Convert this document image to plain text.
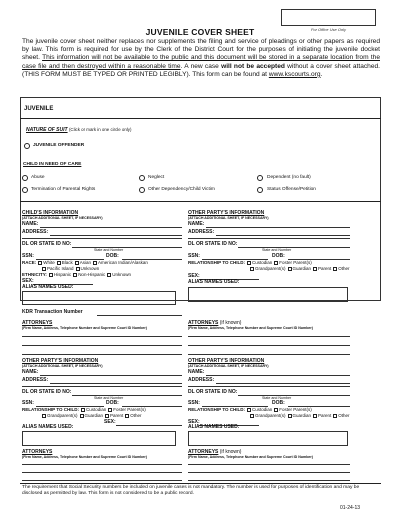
For Office Use Only
JUVENILE COVER SHEET
The juvenile cover sheet neither replaces nor supplements the filing and service of pleadings or other papers as required by law. This form is required for use by the Clerk of the District Court for the purposes of initiating the juvenile docket sheet. This information will not be available to the public and this document will be stored in a separate location from the case file and then destroyed within a reasonable time. A new case will not be accepted without a cover sheet attached. (THIS FORM MUST BE TYPED OR PRINTED LEGIBLY). This form can be found at www.kscourts.org.
JUVENILE
NATURE OF SUIT (Click or mark in one circle only)
JUVENILE OFFENDER
CHILD IN NEED OF CARE
Abuse	Neglect	Dependent (no fault)
Termination of Parental Rights	Other Dependency/Child Victim	Status Offense/Petition
CHILD'S INFORMATION
(ATTACH ADDITIONAL SHEET, IF NECESSARY)
NAME:
ADDRESS:
DL OR STATE ID NO:
State and Number
SSN:	DOB:
RACE: White Black Asian American Indian/Alaskan
Pacific Island Unknown
ETHNICITY: Hispanic Non-Hispanic Unknown
SEX:
ALIAS NAMES USED:
KDR Transaction Number
ATTORNEYS
(Firm Name, Address, Telephone Number and Supreme Court ID Number)
OTHER PARTY'S INFORMATION
(ATTACH ADDITIONAL SHEET, IF NECESSARY)
NAME:
ADDRESS:
DL OR STATE ID NO:
State and Number
SSN:	DOB:
RELATIONSHIP TO CHILD: Custodian Foster Parent(s)
Grandparent(s) Guardian Parent Other
SEX:
ALIAS NAMES USED:
ATTORNEYS (if known)
(Firm Name, Address, Telephone Number and Supreme Court ID Number)
OTHER PARTY'S INFORMATION
(ATTACH ADDITIONAL SHEET, IF NECESSARY)
NAME:
ADDRESS:
DL OR STATE ID NO:
State and Number
SSN:	DOB:
RELATIONSHIP TO CHILD: Custodian Foster Parent(s)
Grandparent(s) Guardian Parent Other
SEX:
ALIAS NAMES USED:
ATTORNEYS
(Firm Name, Address, Telephone Number and Supreme Court ID Number)
OTHER PARTY'S INFORMATION
(ATTACH ADDITIONAL SHEET, IF NECESSARY)
NAME:
ADDRESS:
DL OR STATE ID NO:
State and Number
SSN:	DOB:
RELATIONSHIP TO CHILD: Custodian Foster Parent(s)
Grandparent(s) Guardian Parent Other
SEX:
ALIAS NAMES USED:
ATTORNEYS (if known)
(Firm Name, Address, Telephone Number and Supreme Court ID Number)
The requirement that Social Security numbers be included on juvenile cases is not mandatory. The number is used for purposes of identification and may be disclosed as permitted by law. This form is not considered to be a public record.
01-24-13
